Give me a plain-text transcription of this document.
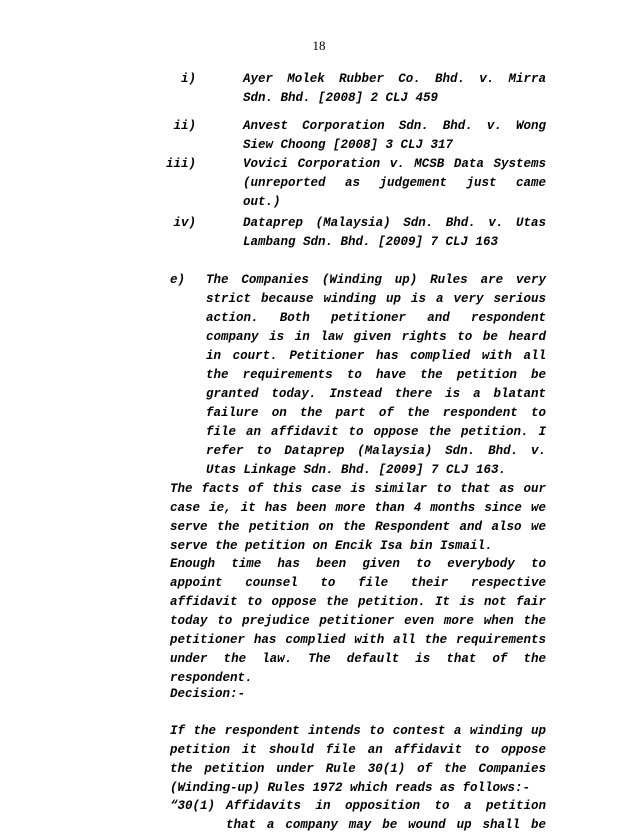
18
i)	Ayer Molek Rubber Co. Bhd. v. Mirra
Sdn. Bhd. [2008] 2 CLJ 459
ii)	Anvest Corporation Sdn. Bhd. v. Wong
Siew Choong [2008] 3 CLJ 317
iii)	Vovici Corporation v. MCSB Data Systems
(unreported as judgement just came
out.)
iv)	Dataprep (Malaysia) Sdn. Bhd. v. Utas
Lambang Sdn. Bhd. [2009] 7 CLJ 163
e) The Companies (Winding up) Rules are very
strict because winding up is a very serious
action. Both petitioner and respondent
company is in law given rights to be heard
in court. Petitioner has complied with all
the requirements to have the petition be
granted today. Instead there is a blatant
failure on the part of the respondent to
file an affidavit to oppose the petition. I
refer to Dataprep (Malaysia) Sdn. Bhd. v.
Utas Linkage Sdn. Bhd. [2009] 7 CLJ 163.
The facts of this case is similar to that as our
case ie, it has been more than 4 months since we
serve the petition on the Respondent and also we
serve the petition on Encik Isa bin Ismail.
Enough time has been given to everybody to
appoint counsel to file their respective
affidavit to oppose the petition. It is not fair
today to prejudice petitioner even more when the
petitioner has complied with all the requirements
under the law. The default is that of the
respondent.
Decision:-
If the respondent intends to contest a winding up
petition it should file an affidavit to oppose
the petition under Rule 30(1) of the Companies
(Winding-up) Rules 1972 which reads as follows:-
“30(1) Affidavits in opposition to a petition
that a company may be wound up shall be
